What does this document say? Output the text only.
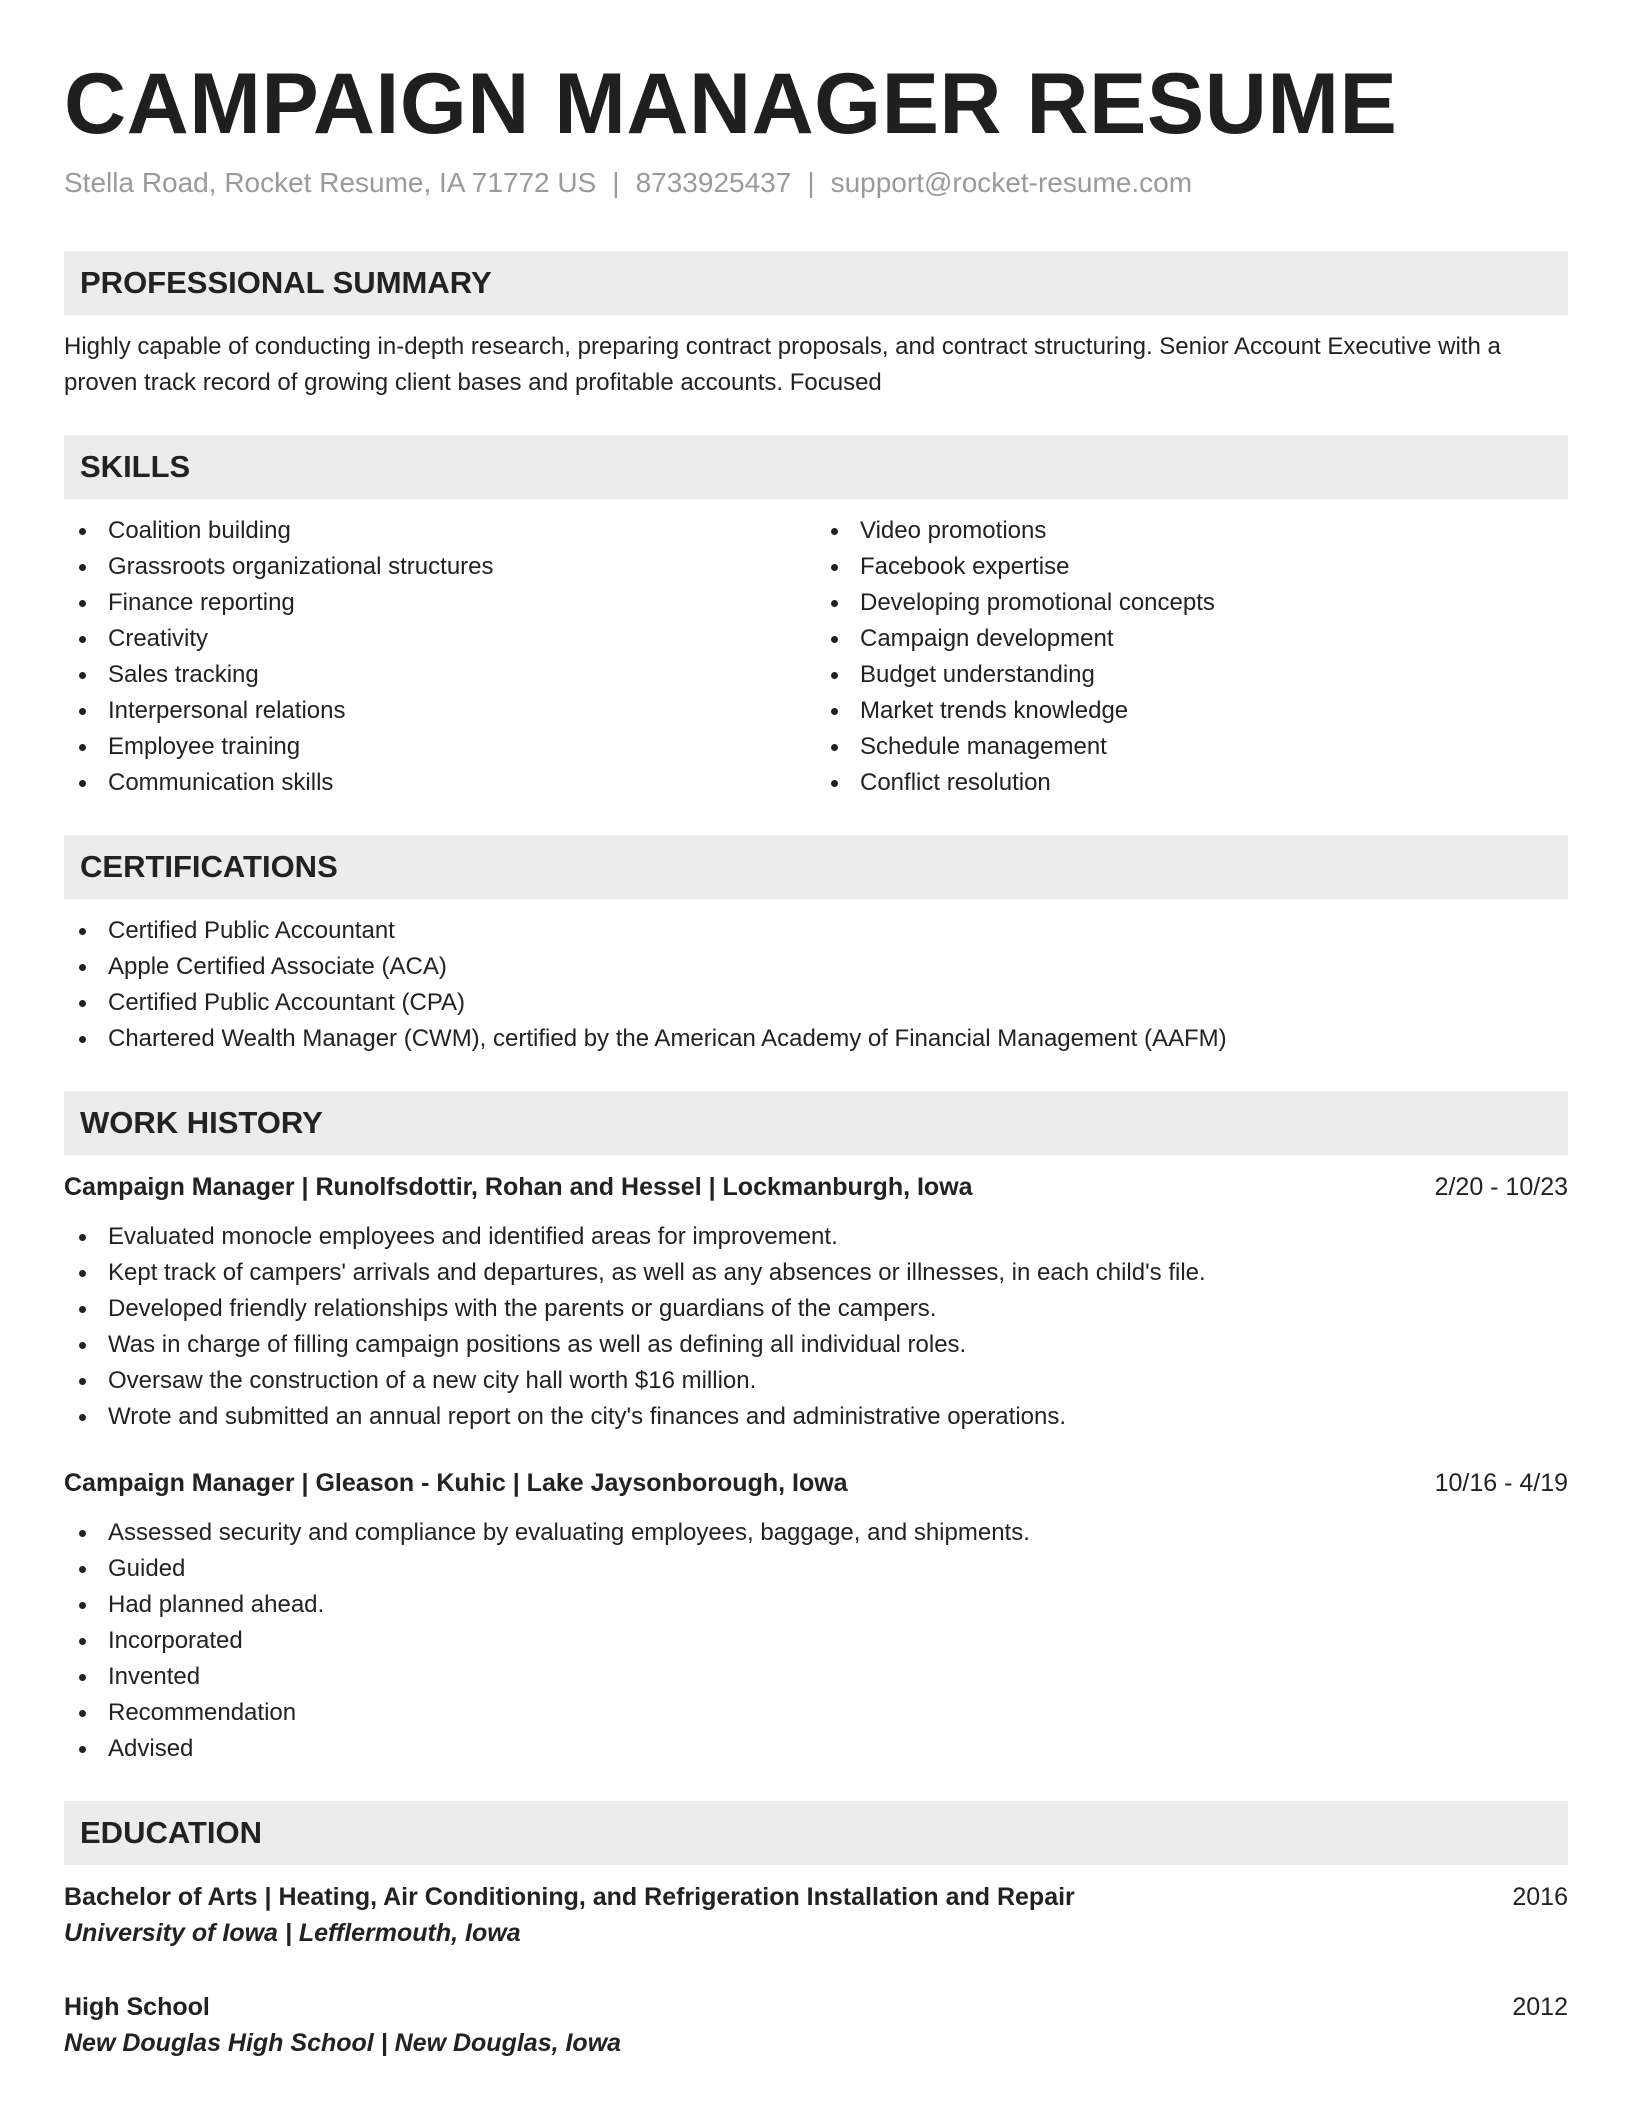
CAMPAIGN MANAGER RESUME
Stella Road, Rocket Resume, IA 71772 US | 8733925437 | support@rocket-resume.com
PROFESSIONAL SUMMARY

Highly capable of conducting in-depth research, preparing contract proposals, and contract structuring. Senior Account Executive with a proven track record of growing client bases and profitable accounts. Focused

SKILLS
Coalition building
Grassroots organizational structures
Finance reporting
Creativity
Sales tracking
Interpersonal relations
Employee training
Communication skills
Video promotions
Facebook expertise
Developing promotional concepts
Campaign development
Budget understanding
Market trends knowledge
Schedule management
Conflict resolution
CERTIFICATIONS
Certified Public Accountant
Apple Certified Associate (ACA)
Certified Public Accountant (CPA)
Chartered Wealth Manager (CWM), certified by the American Academy of Financial Management (AAFM)
WORK HISTORY
Campaign Manager | Runolfsdottir, Rohan and Hessel | Lockmanburgh, Iowa	2/20 - 10/23
Evaluated monocle employees and identified areas for improvement.
Kept track of campers' arrivals and departures, as well as any absences or illnesses, in each child's file.
Developed friendly relationships with the parents or guardians of the campers.
Was in charge of filling campaign positions as well as defining all individual roles.
Oversaw the construction of a new city hall worth $16 million.
Wrote and submitted an annual report on the city's finances and administrative operations.
Campaign Manager | Gleason - Kuhic | Lake Jaysonborough, Iowa	10/16 - 4/19
Assessed security and compliance by evaluating employees, baggage, and shipments.
Guided
Had planned ahead.
Incorporated
Invented
Recommendation
Advised
EDUCATION
Bachelor of Arts | Heating, Air Conditioning, and Refrigeration Installation and Repair	2016
University of Iowa | Lefflermouth, Iowa
High School	2012
New Douglas High School | New Douglas, Iowa
